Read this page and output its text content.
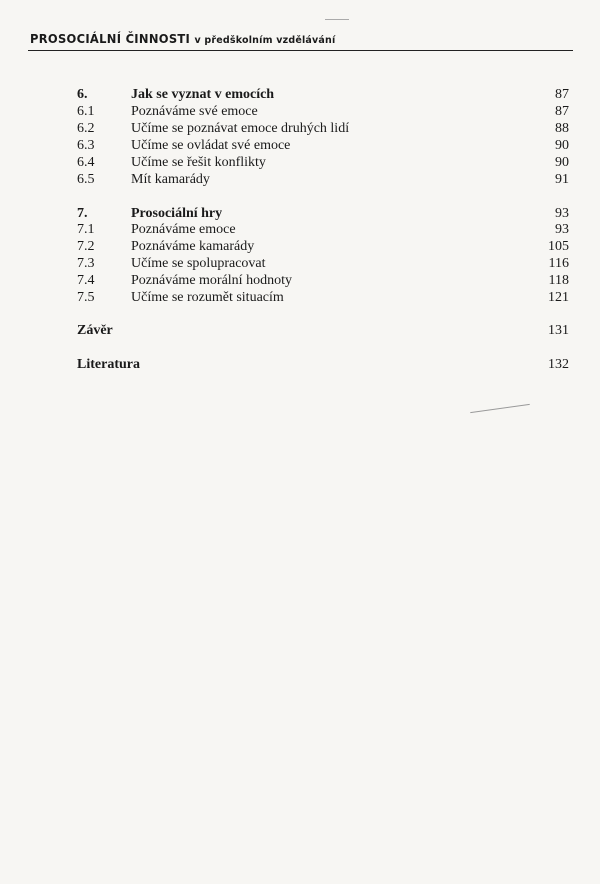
PROSOCIÁLNÍ ČINNOSTI v předškolním vzdělávání
6.	Jak se vyznat v emocích	87
6.1	Poznáváme své emoce	87
6.2	Učíme se poznávat emoce druhých lidí	88
6.3	Učíme se ovládat své emoce	90
6.4	Učíme se řešit konflikty	90
6.5	Mít kamarády	91
7.	Prosociální hry	93
7.1	Poznáváme emoce	93
7.2	Poznáváme kamarády	105
7.3	Učíme se spolupracovat	116
7.4	Poznáváme morální hodnoty	118
7.5	Učíme se rozumět situacím	121
Závěr	131
Literatura	132
